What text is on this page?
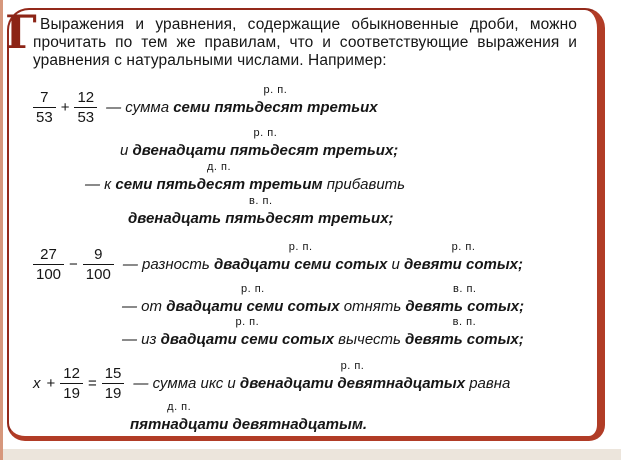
Г Выражения и уравнения, содержащие обыкновенные дроби, можно прочитать по тем же правилам, что и соответствующие выражения и уравнения с натуральными числами. Например:

$\frac{7}{53} + \frac{12}{53}$ — сумма семи пятьдесят третьих
р. п.
и двенадцати пятьдесят третьих;
р. п.
— к семи пятьдесят третьим
д. п.
прибавить
двенадцать пятьдесят третьих;
в. п.
$\frac{27}{100} - \frac{9}{100}$ — разность двадцати семи сотых
р. п.
и девяти сотых;
р. п.
— от двадцати семи сотых
р. п.
отнять девять сотых;
в. п.
— из двадцати семи сотых
р. п.
вычесть девять сотых;
в. п.
$x + \frac{12}{19} = \frac{15}{19}$ — сумма икс и двенадцати девятнадцатых
р. п.
равна
пятнадцати
д. п.
девятнадцатым.
